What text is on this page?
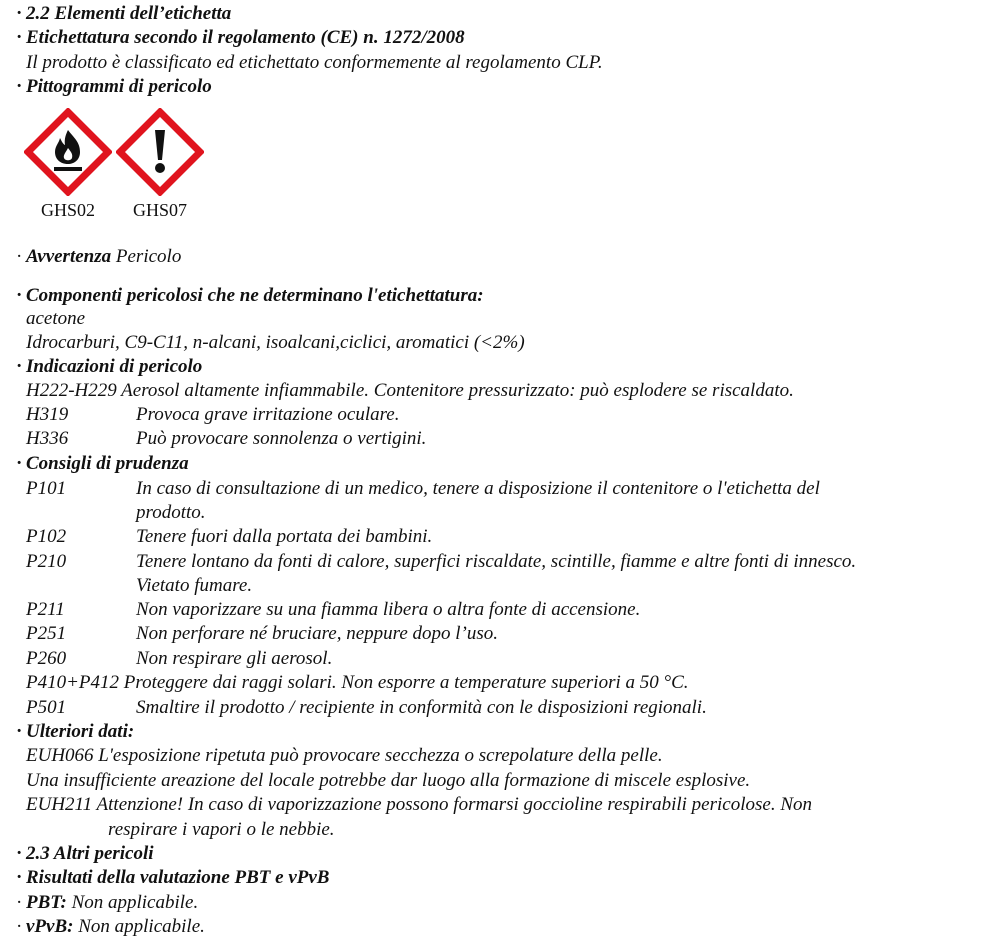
· 2.2 Elementi dell’etichetta
· Etichettatura secondo il regolamento (CE) n. 1272/2008
Il prodotto è classificato ed etichettato conformemente al regolamento CLP.
· Pittogrammi di pericolo
GHS02	GHS07
· Avvertenza Pericolo
· Componenti pericolosi che ne determinano l'etichettatura:
acetone
Idrocarburi, C9-C11, n-alcani, isoalcani,ciclici, aromatici (<2%)
· Indicazioni di pericolo
H222-H229 Aerosol altamente infiammabile. Contenitore pressurizzato: può esplodere se riscaldato.
H319	Provoca grave irritazione oculare.
H336	Può provocare sonnolenza o vertigini.
· Consigli di prudenza
P101	In caso di consultazione di un medico, tenere a disposizione il contenitore o l'etichetta del
prodotto.
P102	Tenere fuori dalla portata dei bambini.
P210	Tenere lontano da fonti di calore, superfici riscaldate, scintille, fiamme e altre fonti di innesco.
Vietato fumare.
P211	Non vaporizzare su una fiamma libera o altra fonte di accensione.
P251	Non perforare né bruciare, neppure dopo l’uso.
P260	Non respirare gli aerosol.
P410+P412 Proteggere dai raggi solari. Non esporre a temperature superiori a 50 °C.
P501	Smaltire il prodotto / recipiente in conformità con le disposizioni regionali.
· Ulteriori dati:
EUH066 L'esposizione ripetuta può provocare secchezza o screpolature della pelle.
Una insufficiente areazione del locale potrebbe dar luogo alla formazione di miscele esplosive.
EUH211 Attenzione! In caso di vaporizzazione possono formarsi goccioline respirabili pericolose. Non
respirare i vapori o le nebbie.
· 2.3 Altri pericoli
· Risultati della valutazione PBT e vPvB
· PBT: Non applicabile.
· vPvB: Non applicabile.
